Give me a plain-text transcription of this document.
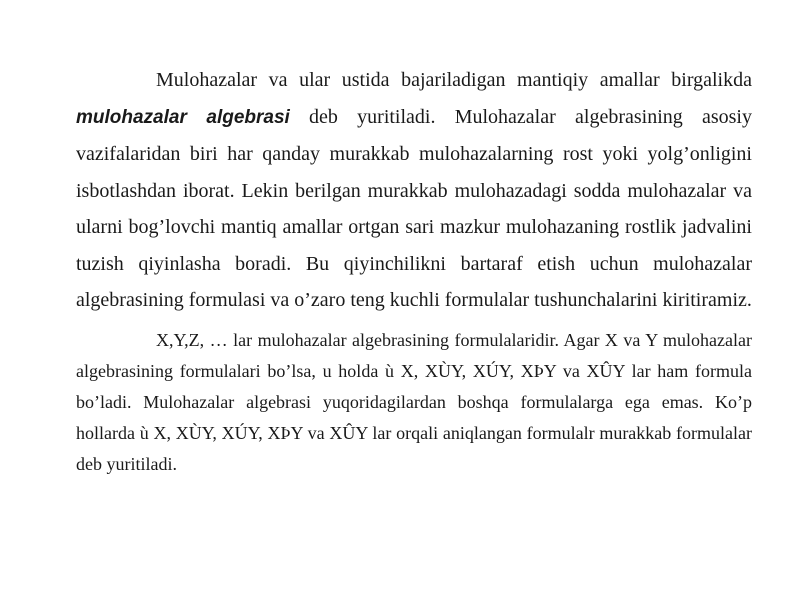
Mulohazalar va ular ustida bajariladigan mantiqiy amallar birgalikda mulohazalar algebrasi deb yuritiladi. Mulohazalar algebrasining asosiy vazifalaridan biri har qanday murakkab mulohazalarning rost yoki yolg’onligini isbotlashdan iborat. Lekin berilgan murakkab mulohazadagi sodda mulohazalar va ularni bog’lovchi mantiq amallar ortgan sari mazkur mulohazaning rostlik jadvalini tuzish qiyinlasha boradi. Bu qiyinchilikni bartaraf etish uchun mulohazalar algebrasining formulasi va o’zaro teng kuchli formulalar tushunchalarini kiritiramiz.

X,Y,Z, … lar mulohazalar algebrasining formulalaridir. Agar X va Y mulohazalar algebrasining formulalari bo’lsa, u holda ù X, XÙY, XÚY, XÞY va XÛY lar ham formula bo’ladi. Mulohazalar algebrasi yuqoridagilardan boshqa formulalarga ega emas. Ko’p hollarda ù X, XÙY, XÚY, XÞY va XÛY lar orqali aniqlangan formulalr murakkab formulalar deb yuritiladi.
